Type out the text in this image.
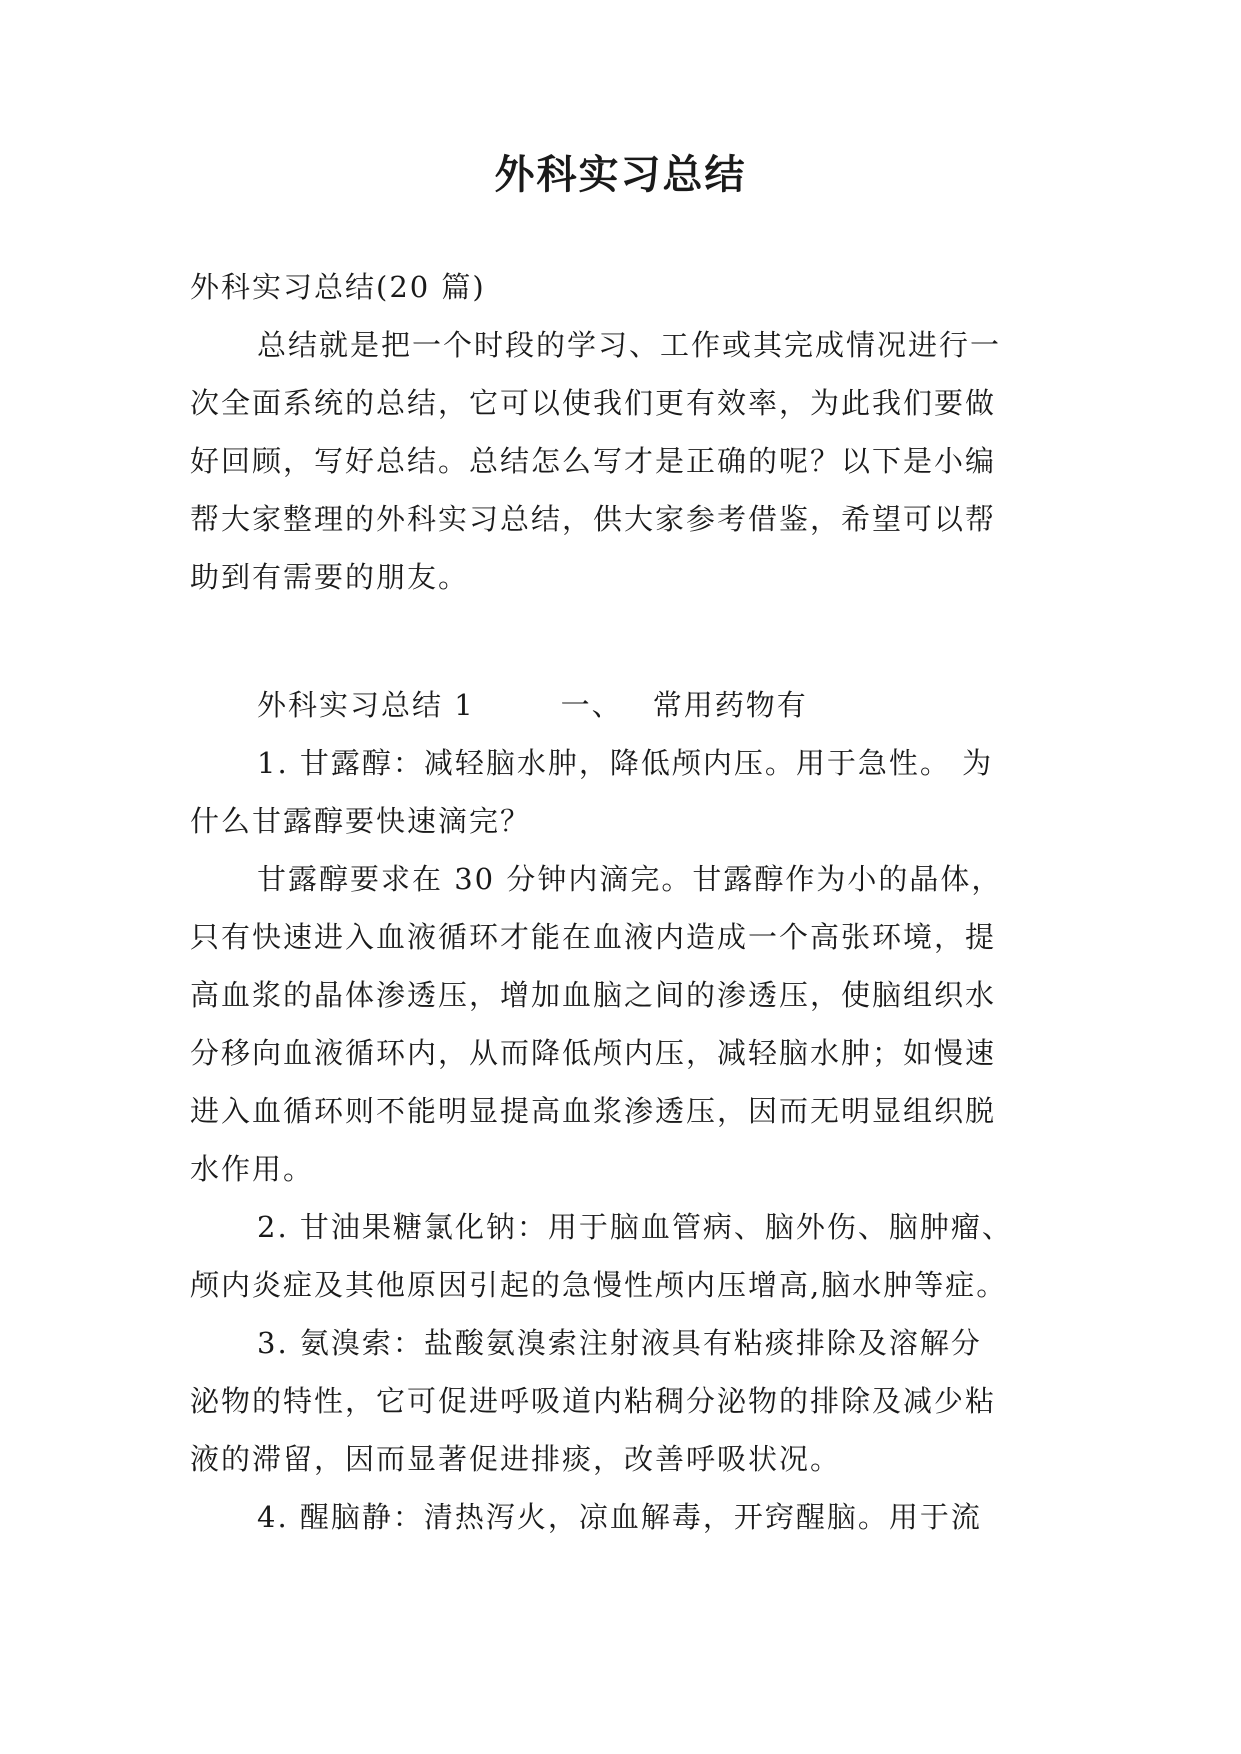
外科实习总结
外科实习总结(20 篇)
总结就是把一个时段的学习、工作或其完成情况进行一
次全面系统的总结，它可以使我们更有效率，为此我们要做
好回顾，写好总结。总结怎么写才是正确的呢？以下是小编
帮大家整理的外科实习总结，供大家参考借鉴，希望可以帮
助到有需要的朋友。
外科实习总结 1	一、 常用药物有
1. 甘露醇：减轻脑水肿，降低颅内压。用于急性。 为
什么甘露醇要快速滴完？
甘露醇要求在 30 分钟内滴完。甘露醇作为小的晶体，
只有快速进入血液循环才能在血液内造成一个高张环境，提
高血浆的晶体渗透压，增加血脑之间的渗透压，使脑组织水
分移向血液循环内，从而降低颅内压，减轻脑水肿；如慢速
进入血循环则不能明显提高血浆渗透压，因而无明显组织脱
水作用。
2. 甘油果糖氯化钠：用于脑血管病、脑外伤、脑肿瘤、
颅内炎症及其他原因引起的急慢性颅内压增高,脑水肿等症。
3. 氨溴索：盐酸氨溴索注射液具有粘痰排除及溶解分
泌物的特性，它可促进呼吸道内粘稠分泌物的排除及减少粘
液的滞留，因而显著促进排痰，改善呼吸状况。
4. 醒脑静：清热泻火，凉血解毒，开窍醒脑。用于流
